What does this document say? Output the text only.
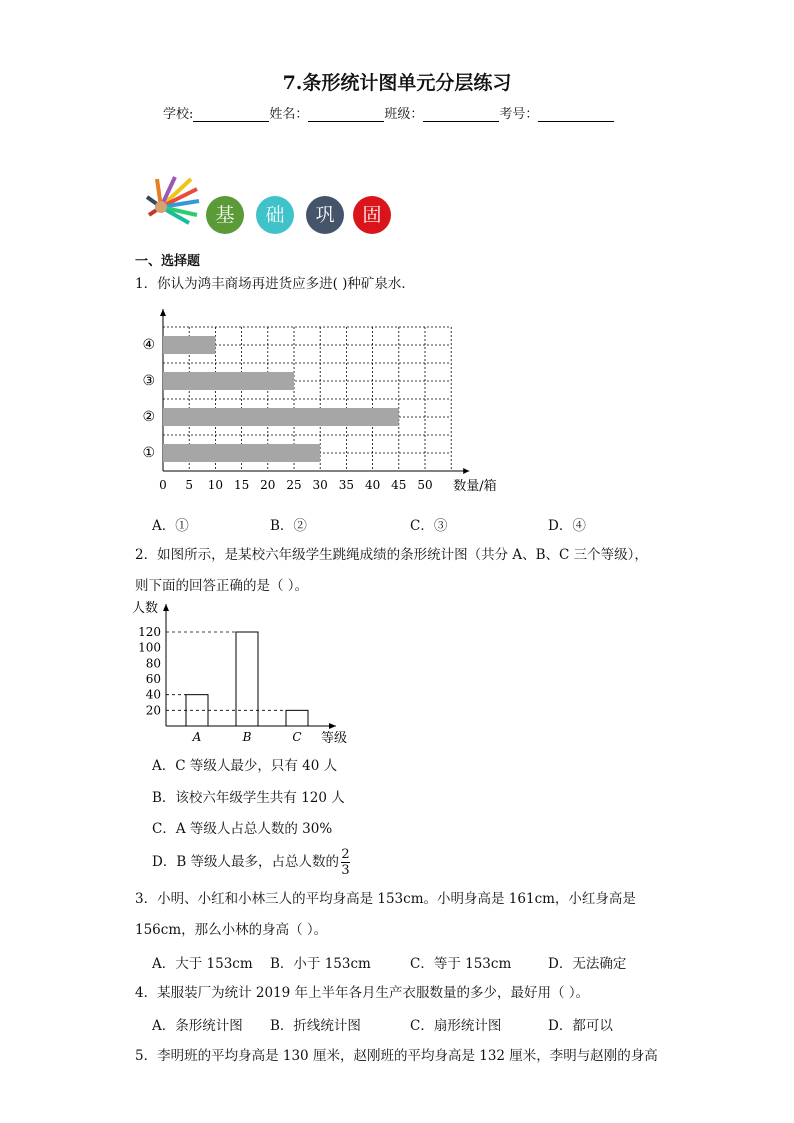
7.条形统计图单元分层练习
学校:	姓名：	班级：	考号：
基	础	巩	固
一、选择题
1．你认为鸿丰商场再进货应多进( )种矿泉水．
①
②
③
④
0 5 10 15 20 25 30 35 40 45 50 数量/箱
A．①	B．②	C．③	D．④
2．如图所示，是某校六年级学生跳绳成绩的条形统计图（共分 A、B、C 三个等级），
则下面的回答正确的是（ ）。
人数
等级
20
40
60
80
100
120
A	B	C
A．C 等级人最少，只有 40 人
B．该校六年级学生共有 120 人
C．A 等级人占总人数的 30%
D．B 等级人最多，占总人数的 $\frac{2}{3}$
3．小明、小红和小林三人的平均身高是 153cm。小明身高是 161cm，小红身高是
156cm，那么小林的身高（ ）。
A．大于 153cm B．小于 153cm	C．等于 153cm	D．无法确定
4．某服装厂为统计 2019 年上半年各月生产衣服数量的多少，最好用（ ）。
A．条形统计图 B．折线统计图	C．扇形统计图	D．都可以
5．李明班的平均身高是 130 厘米，赵刚班的平均身高是 132 厘米，李明与赵刚的身高
